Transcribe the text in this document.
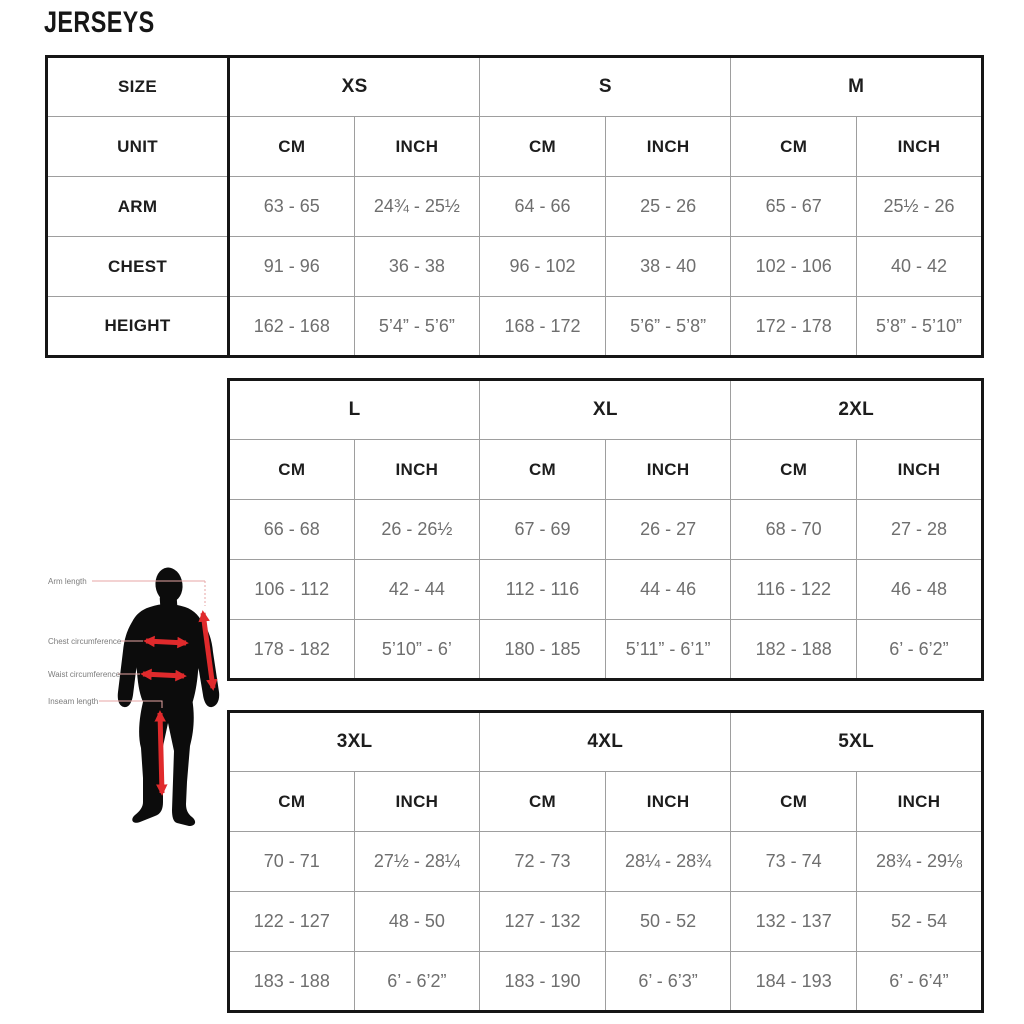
JERSEYS
SIZE	XS		S		M	
UNIT	CM	INCH	CM	INCH	CM	INCH
ARM	63 - 65	24¾ - 25½	64 - 66	25 - 26	65 - 67	25½ - 26
CHEST	91 - 96	36 - 38	96 - 102	38 - 40	102 - 106	40 - 42
HEIGHT	162 - 168	5’4” - 5’6”	168 - 172	5’6” - 5’8”	172 - 178	5’8” - 5’10”
L		XL		2XL	
CM	INCH	CM	INCH	CM	INCH
66 - 68	26 - 26½	67 - 69	26 - 27	68 - 70	27 - 28
106 - 112	42 - 44	112 - 116	44 - 46	116 - 122	46 - 48
178 - 182	5’10” - 6’	180 - 185	5’11” - 6’1”	182 - 188	6’ - 6’2”
3XL		4XL		5XL	
CM	INCH	CM	INCH	CM	INCH
70 - 71	27½ - 28¼	72 - 73	28¼ - 28¾	73 - 74	28¾ - 29⅛
122 - 127	48 - 50	127 - 132	50 - 52	132 - 137	52 - 54
183 - 188	6’ - 6’2”	183 - 190	6’ - 6’3”	184 - 193	6’ - 6’4”
Arm length
Chest circumference
Waist circumference
Inseam length
